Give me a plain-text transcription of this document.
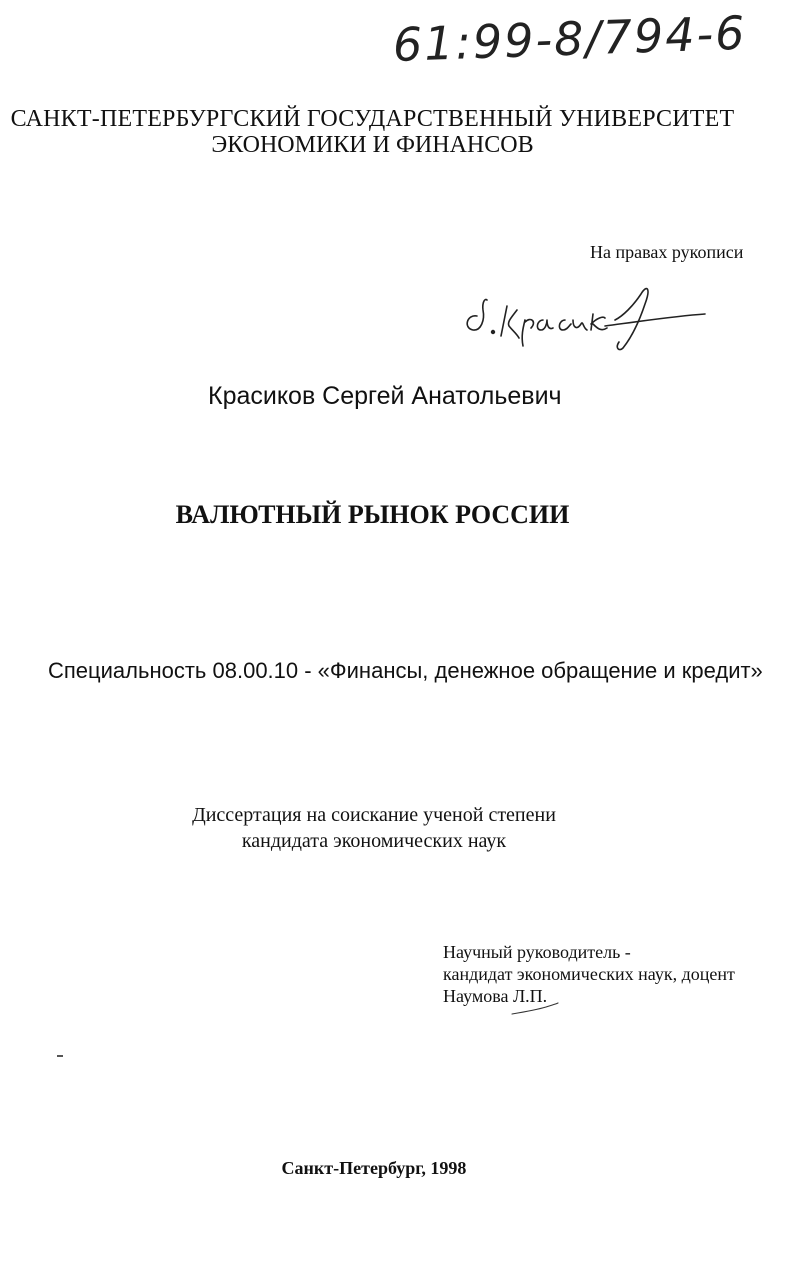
61:99-8/794-6
САНКТ-ПЕТЕРБУРГСКИЙ ГОСУДАРСТВЕННЫЙ УНИВЕРСИТЕТ
ЭКОНОМИКИ И ФИНАНСОВ
На правах рукописи
Красиков Сергей Анатольевич
ВАЛЮТНЫЙ РЫНОК РОССИИ
Специальность 08.00.10 - «Финансы, денежное обращение и кредит»
Диссертация на соискание ученой степени
кандидата экономических наук
Научный руководитель -
кандидат экономических наук, доцент
Наумова Л.П.
Санкт-Петербург, 1998
